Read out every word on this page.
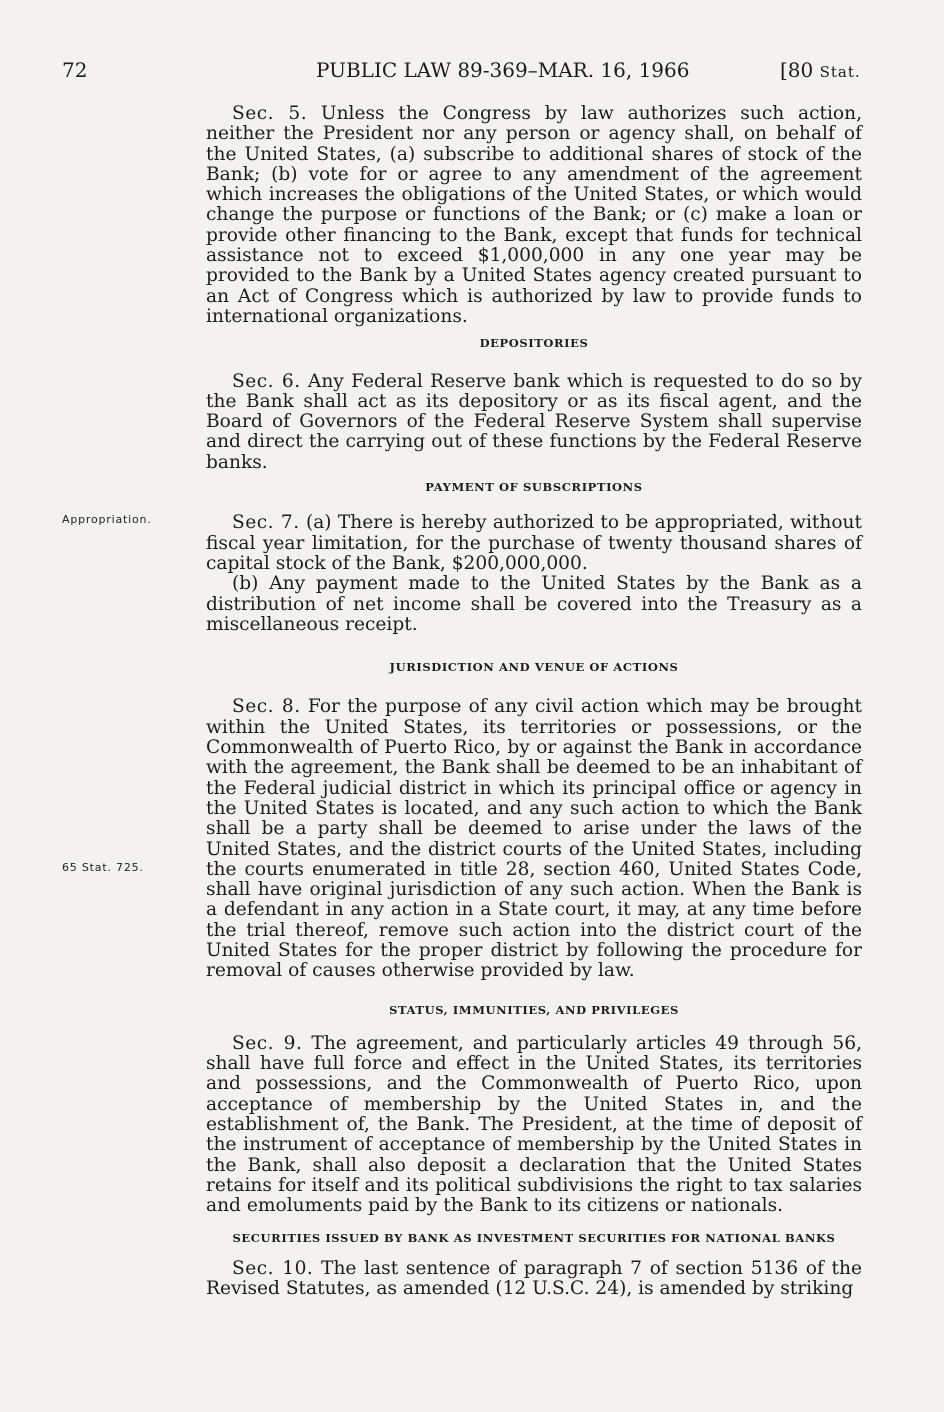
72	PUBLIC LAW 89-369–MAR. 16, 1966	[80 Stat.
Appropriation.
65 Stat. 725.

Sec. 5. Unless the Congress by law authorizes such action, neither the President nor any person or agency shall, on behalf of the United States, (a) subscribe to additional shares of stock of the Bank; (b) vote for or agree to any amendment of the agreement which increases the obligations of the United States, or which would change the purpose or functions of the Bank; or (c) make a loan or provide other financing to the Bank, except that funds for technical assistance not to exceed $1,000,000 in any one year may be provided to the Bank by a United States agency created pursuant to an Act of Congress which is authorized by law to provide funds to international organizations.

DEPOSITORIES

Sec. 6. Any Federal Reserve bank which is requested to do so by the Bank shall act as its depository or as its fiscal agent, and the Board of Governors of the Federal Reserve System shall supervise and direct the carrying out of these functions by the Federal Reserve banks.

PAYMENT OF SUBSCRIPTIONS

Sec. 7. (a) There is hereby authorized to be appropriated, without fiscal year limitation, for the purchase of twenty thousand shares of capital stock of the Bank, $200,000,000.

(b) Any payment made to the United States by the Bank as a distribution of net income shall be covered into the Treasury as a miscellaneous receipt.

JURISDICTION AND VENUE OF ACTIONS

Sec. 8. For the purpose of any civil action which may be brought within the United States, its territories or possessions, or the Commonwealth of Puerto Rico, by or against the Bank in accordance with the agreement, the Bank shall be deemed to be an inhabitant of the Federal judicial district in which its principal office or agency in the United States is located, and any such action to which the Bank shall be a party shall be deemed to arise under the laws of the United States, and the district courts of the United States, including the courts enumerated in title 28, section 460, United States Code, shall have original jurisdiction of any such action. When the Bank is a defendant in any action in a State court, it may, at any time before the trial thereof, remove such action into the district court of the United States for the proper district by following the procedure for removal of causes otherwise provided by law.

STATUS, IMMUNITIES, AND PRIVILEGES

Sec. 9. The agreement, and particularly articles 49 through 56, shall have full force and effect in the United States, its territories and possessions, and the Commonwealth of Puerto Rico, upon acceptance of membership by the United States in, and the establishment of, the Bank. The President, at the time of deposit of the instrument of acceptance of membership by the United States in the Bank, shall also deposit a declaration that the United States retains for itself and its political subdivisions the right to tax salaries and emoluments paid by the Bank to its citizens or nationals.

SECURITIES ISSUED BY BANK AS INVESTMENT SECURITIES FOR NATIONAL BANKS

Sec. 10. The last sentence of paragraph 7 of section 5136 of the Revised Statutes, as amended (12 U.S.C. 24), is amended by striking
